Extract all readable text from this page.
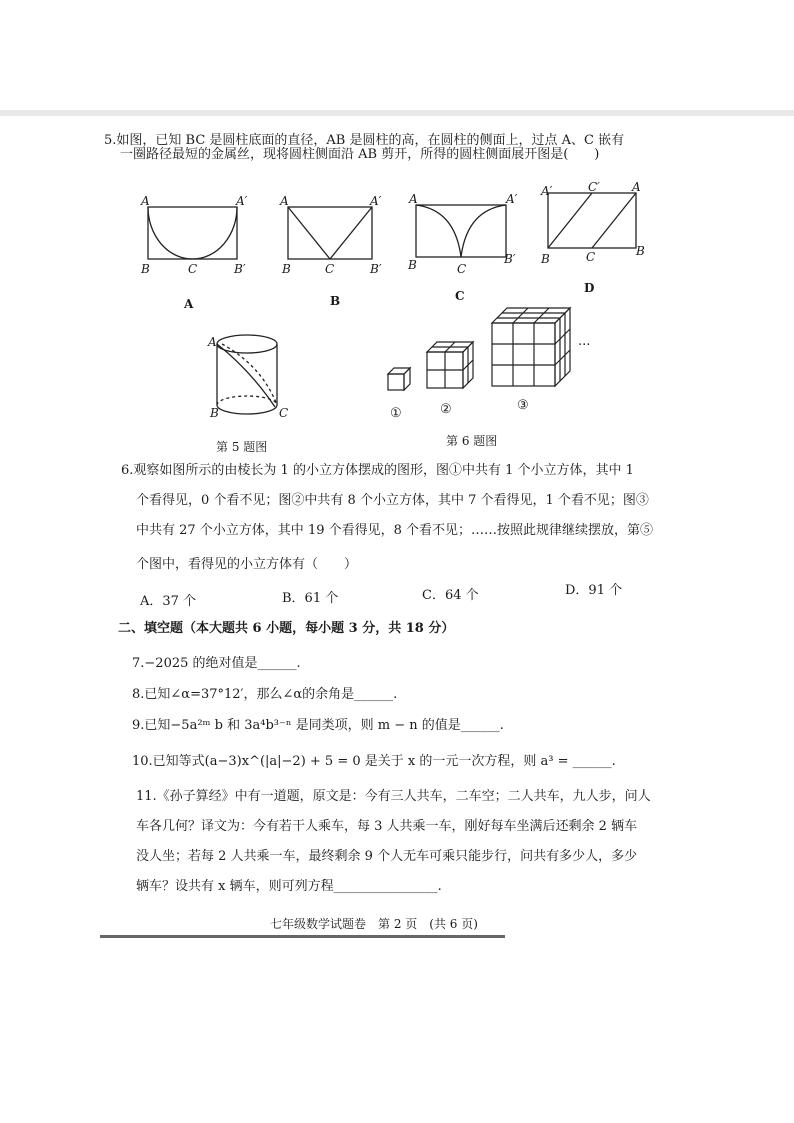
5.如图，已知 BC 是圆柱底面的直径，AB 是圆柱的高，在圆柱的侧面上，过点 A、C 嵌有
一圈路径最短的金属丝，现将圆柱侧面沿 AB 剪开，所得的圆柱侧面展开图是(　　)
A	A′
B	C	B′
A
A	A′
B	C	B′
B
A	A′
B	C
B′
C
A′	C′	A
B	C	B
D
A
B	C
第 5 题图
①	②	③
...
第 6 题图
6.观察如图所示的由棱长为 1 的小立方体摆成的图形，图①中共有 1 个小立方体，其中 1
个看得见，0 个看不见；图②中共有 8 个小立方体，其中 7 个看得见，1 个看不见；图③
中共有 27 个小立方体，其中 19 个看得见，8 个看不见；……按照此规律继续摆放，第⑤
个图中，看得见的小立方体有（　　）
A．37 个	B．61 个	C．64 个	D．91 个
二、填空题（本大题共 6 小题，每小题 3 分，共 18 分）
7.−2025 的绝对值是______.
8.已知∠α=37°12′，那么∠α的余角是______.
9.已知−5a²ᵐ b 和 3a⁴b³⁻ⁿ 是同类项，则 m − n 的值是______.
10.已知等式(a−3)x^(|a|−2) + 5 = 0 是关于 x 的一元一次方程，则 a³ = ______.
11.《孙子算经》中有一道题，原文是：今有三人共车，二车空；二人共车，九人步，问人
车各几何？译文为：今有若干人乘车，每 3 人共乘一车，刚好每车坐满后还剩余 2 辆车
没人坐；若每 2 人共乘一车，最终剩余 9 个人无车可乘只能步行，问共有多少人，多少
辆车？设共有 x 辆车，则可列方程________________.
七年级数学试题卷　第 2 页　(共 6 页)
